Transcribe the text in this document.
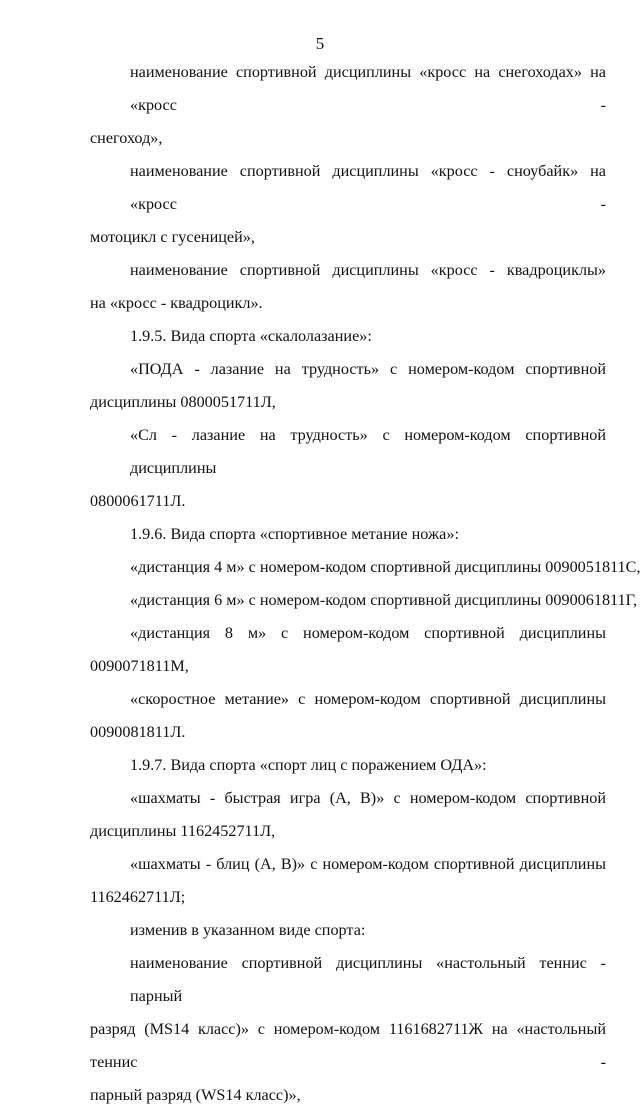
5
наименование спортивной дисциплины «кросс на снегоходах» на «кросс -
снегоход»,
наименование спортивной дисциплины «кросс - сноубайк» на «кросс -
мотоцикл с гусеницей»,
наименование спортивной дисциплины «кросс - квадроциклы»
на «кросс - квадроцикл».
1.9.5. Вида спорта «скалолазание»:
«ПОДА - лазание на трудность» с номером-кодом спортивной
дисциплины 0800051711Л,
«Сл - лазание на трудность» с номером-кодом спортивной дисциплины
0800061711Л.
1.9.6. Вида спорта «спортивное метание ножа»:
«дистанция 4 м» с номером-кодом спортивной дисциплины 0090051811С,
«дистанция 6 м» с номером-кодом спортивной дисциплины 0090061811Г,
«дистанция 8 м» с номером-кодом спортивной дисциплины
0090071811М,
«скоростное метание» с номером-кодом спортивной дисциплины
0090081811Л.
1.9.7. Вида спорта «спорт лиц с поражением ОДА»:
«шахматы - быстрая игра (А, В)» с номером-кодом спортивной
дисциплины 1162452711Л,
«шахматы - блиц (А, В)» с номером-кодом спортивной дисциплины
1162462711Л;
изменив в указанном виде спорта:
наименование спортивной дисциплины «настольный теннис - парный
разряд (MS14 класс)» с номером-кодом 1161682711Ж на «настольный теннис -
парный разряд (WS14 класс)»,
